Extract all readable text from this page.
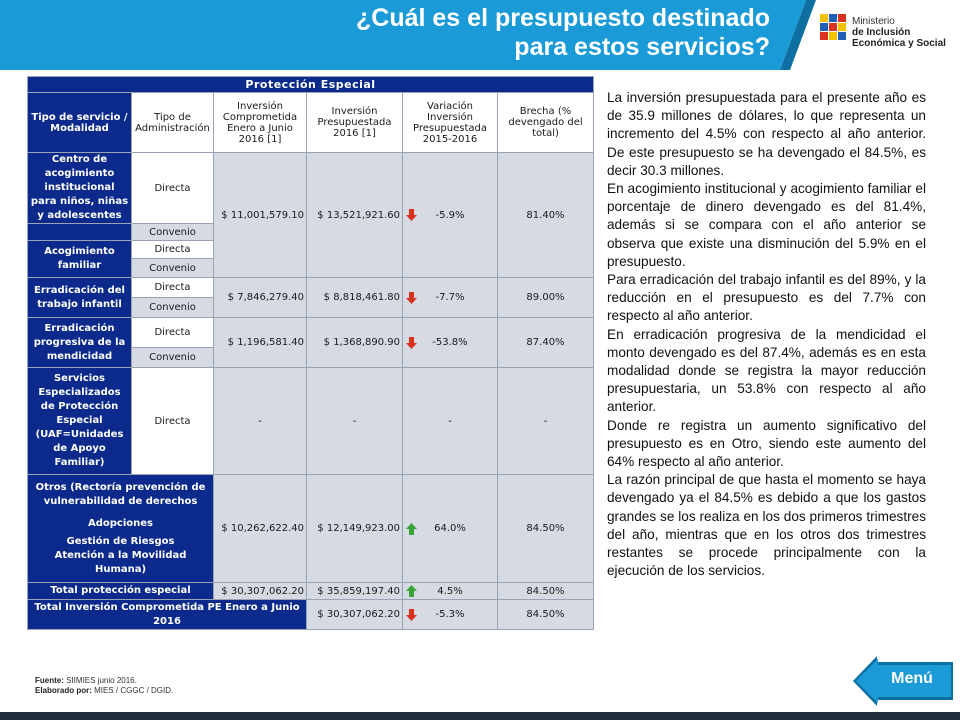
¿Cuál es el presupuesto destinado
para estos servicios?
Ministerio
de Inclusión
Económica y Social
Protección Especial					
Tipo de servicio / Modalidad	Tipo de Administración	Inversión Comprometida Enero a Junio 2016 [1]	Inversión Presupuestada 2016 [1]	Variación Inversión Presupuestada 2015-2016	Brecha (% devengado del total)
Centro de acogimiento institucional para niños, niñas y adolescentes	Directa	$ 11,001,579.10	$ 13,521,921.60	-5.9%	81.40%
	Convenio				
Acogimiento familiar	Directa				
	Convenio				
Erradicación del trabajo infantil	Directa	$ 7,846,279.40	$ 8,818,461.80	-7.7%	89.00%
	Convenio				
Erradicación progresiva de la mendicidad	Directa	$ 1,196,581.40	$ 1,368,890.90	-53.8%	87.40%
	Convenio				
Servicios Especializados de Protección Especial (UAF=Unidades de Apoyo Familiar)	Directa	-	-	-	-

Otros (Rectoría prevención de vulnerabilidad de derechos
Adopciones
Gestión de Riesgos
Atención a la Movilidad Humana)		$ 10,262,622.40	$ 12,149,923.00	64.0%	84.50%
Total protección especial		$ 30,307,062.20	$ 35,859,197.40	4.5%	84.50%
Total Inversión Comprometida PE Enero a Junio 2016			$ 30,307,062.20	-5.3%	84.50%
Fuente: SIIMIES junio 2016.
Elaborado por: MIES / CGGC / DGID.

La inversión presupuestada para el presente año es de 35.9 millones de dólares, lo que representa un incremento del 4.5% con respecto al año anterior. De este presupuesto se ha devengado el 84.5%, es decir 30.3 millones.

En acogimiento institucional y acogimiento familiar el porcentaje de dinero devengado es del 81.4%, además si se compara con el año anterior se observa que existe una disminución del 5.9% en el presupuesto.

Para erradicación del trabajo infantil es del 89%, y la reducción en el presupuesto es del 7.7% con respecto al año anterior.

En erradicación progresiva de la mendicidad el monto devengado es del 87.4%, además es en esta modalidad donde se registra la mayor reducción presupuestaria, un 53.8% con respecto al año anterior.

Donde re registra un aumento significativo del presupuesto es en Otro, siendo este aumento del 64% respecto al año anterior.

La razón principal de que hasta el momento se haya devengado ya el 84.5% es debido a que los gastos grandes se los realiza en los dos primeros trimestres del año, mientras que en los otros dos trimestres restantes se procede principalmente con la ejecución de los servicios.

Menú
